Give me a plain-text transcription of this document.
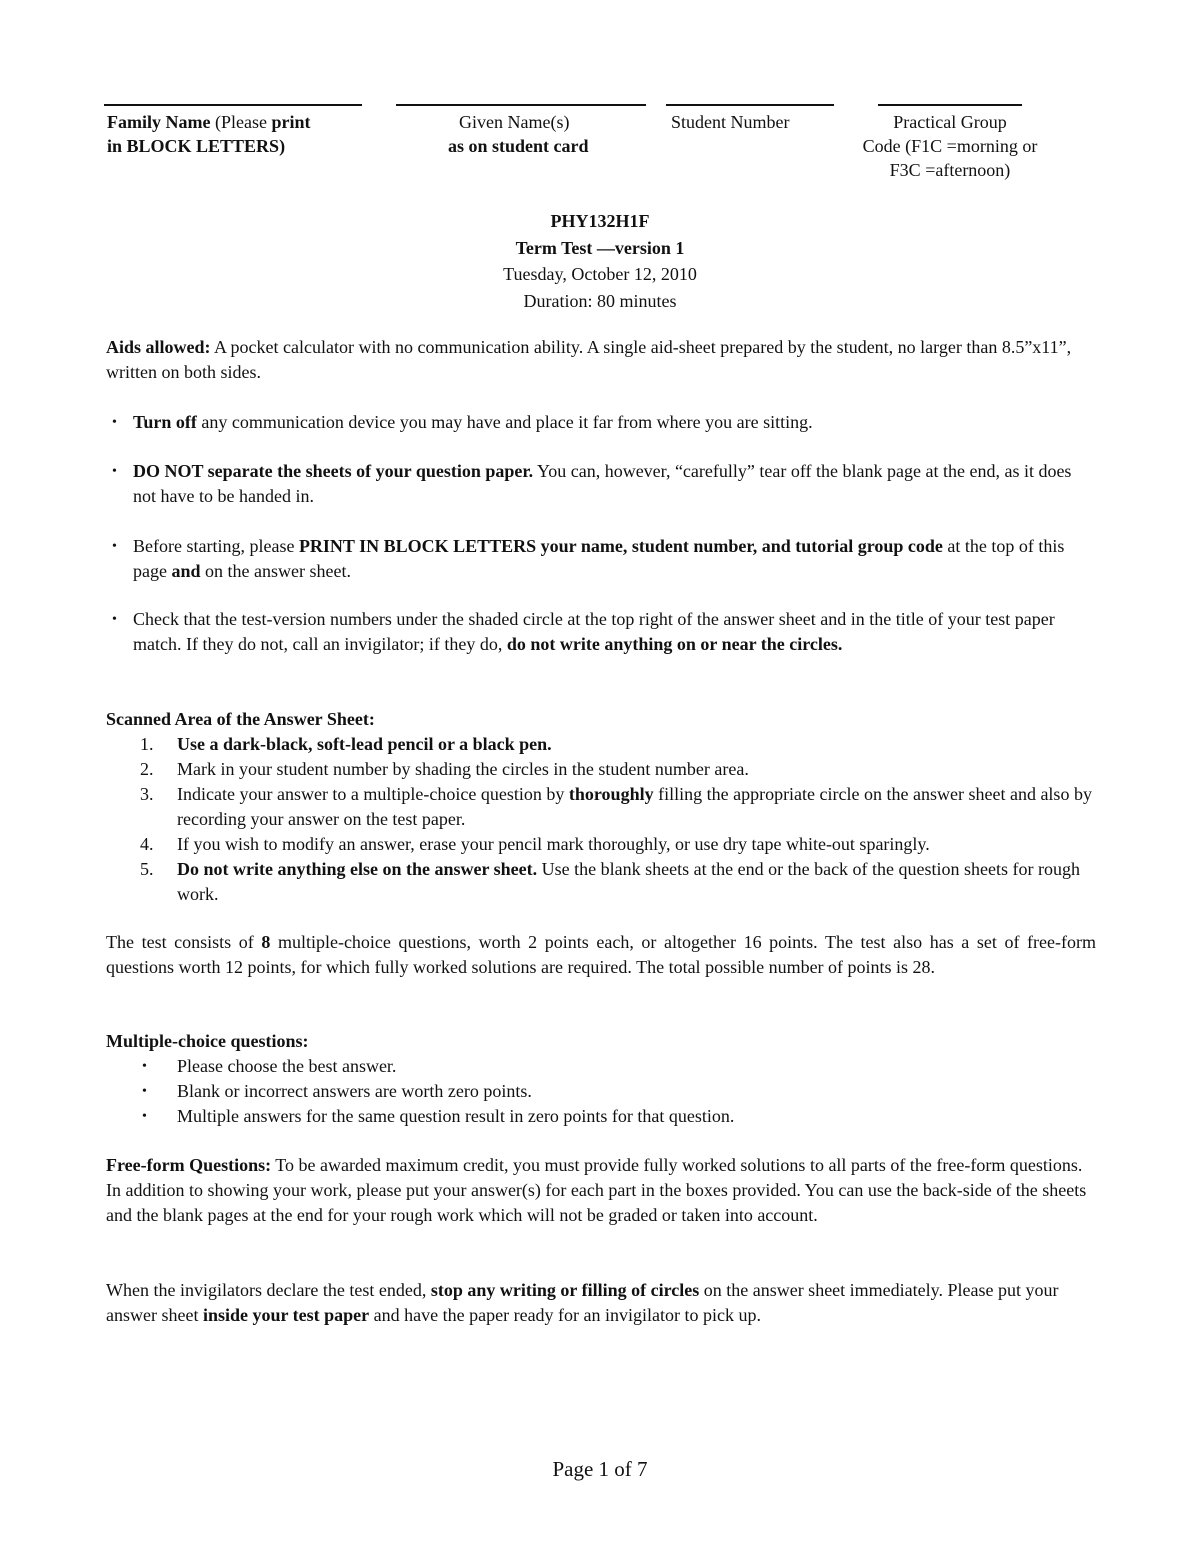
Family Name (Please print
in BLOCK LETTERS)
Given Name(s)
as on student card
Student Number	Practical Group
Code (F1C =morning or
F3C =afternoon)
PHY132H1F
Term Test —version 1
Tuesday, October 12, 2010
Duration: 80 minutes
Aids allowed: A pocket calculator with no communication ability. A single aid-sheet prepared by the student, no larger than 8.5”x11”, written on both sides.
• Turn off any communication device you may have and place it far from where you are sitting.
• DO NOT separate the sheets of your question paper. You can, however, “carefully” tear off the blank page at the end, as it does not have to be handed in.
• Before starting, please PRINT IN BLOCK LETTERS your name, student number, and tutorial group code at the top of this page and on the answer sheet.
• Check that the test-version numbers under the shaded circle at the top right of the answer sheet and in the title of your test paper match. If they do not, call an invigilator; if they do, do not write anything on or near the circles.
Scanned Area of the Answer Sheet:
1. Use a dark-black, soft-lead pencil or a black pen.
2. Mark in your student number by shading the circles in the student number area.
3. Indicate your answer to a multiple-choice question by thoroughly filling the appropriate circle on the answer sheet and also by recording your answer on the test paper.
4. If you wish to modify an answer, erase your pencil mark thoroughly, or use dry tape white-out sparingly.
5. Do not write anything else on the answer sheet. Use the blank sheets at the end or the back of the question sheets for rough work.
The test consists of 8 multiple-choice questions, worth 2 points each, or altogether 16 points. The test also has a set of free-form questions worth 12 points, for which fully worked solutions are required. The total possible number of points is 28.
Multiple-choice questions:
• Please choose the best answer.
• Blank or incorrect answers are worth zero points.
• Multiple answers for the same question result in zero points for that question.
Free-form Questions: To be awarded maximum credit, you must provide fully worked solutions to all parts of the free-form questions. In addition to showing your work, please put your answer(s) for each part in the boxes provided. You can use the back-side of the sheets and the blank pages at the end for your rough work which will not be graded or taken into account.
When the invigilators declare the test ended, stop any writing or filling of circles on the answer sheet immediately. Please put your answer sheet inside your test paper and have the paper ready for an invigilator to pick up.
Page 1 of 7
